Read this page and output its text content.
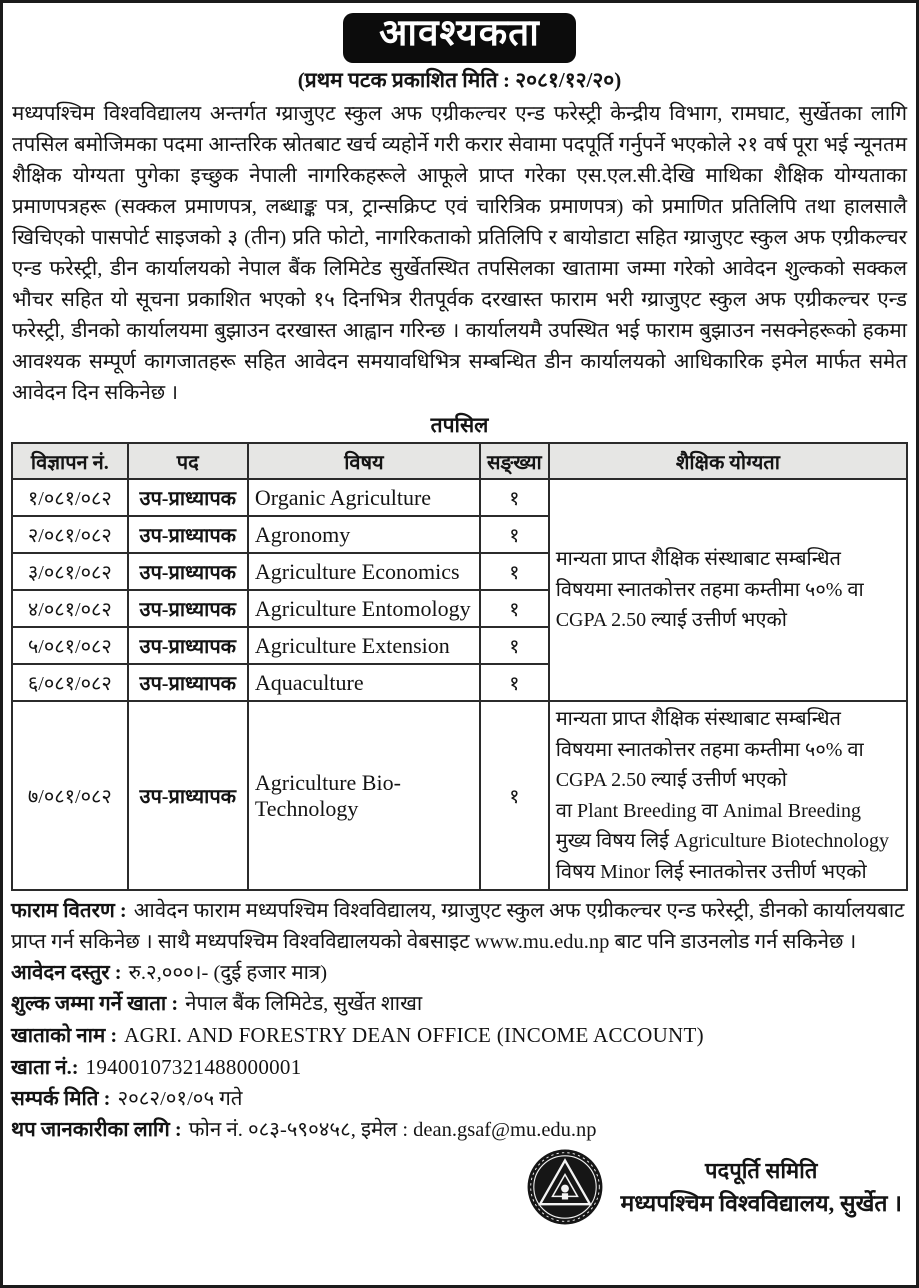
आवश्यकता
(प्रथम पटक प्रकाशित मिति : २०८१/१२/२०)

मध्यपश्चिम विश्वविद्यालय अन्तर्गत ग्य्राजुएट स्कुल अफ एग्रीकल्चर एन्ड फरेस्ट्री केन्द्रीय विभाग, रामघाट, सुर्खेतका लागि तपसिल बमोजिमका पदमा आन्तरिक स्रोतबाट खर्च व्यहोर्ने गरी करार सेवामा पदपूर्ति गर्नुपर्ने भएकोले २१ वर्ष पूरा भई न्यूनतम शैक्षिक योग्यता पुगेका इच्छुक नेपाली नागरिकहरूले आफूले प्राप्त गरेका एस.एल.सी.देखि माथिका शैक्षिक योग्यताका प्रमाणपत्रहरू (सक्कल प्रमाणपत्र, लब्धाङ्क पत्र, ट्रान्सक्रिप्ट एवं चारित्रिक प्रमाणपत्र) को प्रमाणित प्रतिलिपि तथा हालसालै खिचिएको पासपोर्ट साइजको ३ (तीन) प्रति फोटो, नागरिकताको प्रतिलिपि र बायोडाटा सहित ग्य्राजुएट स्कुल अफ एग्रीकल्चर एन्ड फरेस्ट्री, डीन कार्यालयको नेपाल बैंक लिमिटेड सुर्खेतस्थित तपसिलका खातामा जम्मा गरेको आवेदन शुल्कको सक्कल भौचर सहित यो सूचना प्रकाशित भएको १५ दिनभित्र रीतपूर्वक दरखास्त फाराम भरी ग्य्राजुएट स्कुल अफ एग्रीकल्चर एन्ड फरेस्ट्री, डीनको कार्यालयमा बुझाउन दरखास्त आह्वान गरिन्छ । कार्यालयमै उपस्थित भई फाराम बुझाउन नसक्नेहरूको हकमा आवश्यक सम्पूर्ण कागजातहरू सहित आवेदन समयावधिभित्र सम्बन्धित डीन कार्यालयको आधिकारिक इमेल मार्फत समेत आवेदन दिन सकिनेछ ।

तपसिल
विज्ञापन नं.	पद	विषय	सङ्ख्या	शैक्षिक योग्यता
१/०८१/०८२	उप-प्राध्यापक	Organic Agriculture	१	मान्यता प्राप्त शैक्षिक संस्थाबाट सम्बन्धित विषयमा स्नातकोत्तर तहमा कम्तीमा ५०% वा CGPA 2.50 ल्याई उत्तीर्ण भएको
२/०८१/०८२	उप-प्राध्यापक	Agronomy	१	
३/०८१/०८२	उप-प्राध्यापक	Agriculture Economics	१	
४/०८१/०८२	उप-प्राध्यापक	Agriculture Entomology	१	
५/०८१/०८२	उप-प्राध्यापक	Agriculture Extension	१	
६/०८१/०८२	उप-प्राध्यापक	Aquaculture	१	
७/०८१/०८२	उप-प्राध्यापक	Agriculture Bio-Technology	१	मान्यता प्राप्त शैक्षिक संस्थाबाट सम्बन्धित विषयमा स्नातकोत्तर तहमा कम्तीमा ५०% वा CGPA 2.50 ल्याई उत्तीर्ण भएको

वा Plant Breeding वा Animal Breeding मुख्य विषय लिई Agriculture Biotechnology विषय Minor लिई स्नातकोत्तर उत्तीर्ण भएको

फाराम वितरण : आवेदन फाराम मध्यपश्चिम विश्वविद्यालय, ग्य्राजुएट स्कुल अफ एग्रीकल्चर एन्ड फरेस्ट्री, डीनको कार्यालयबाट प्राप्त गर्न सकिनेछ । साथै मध्यपश्चिम विश्वविद्यालयको वेबसाइट www.mu.edu.np बाट पनि डाउनलोड गर्न सकिनेछ ।
आवेदन दस्तुर : रु.२,०००।- (दुई हजार मात्र)
शुल्क जम्मा गर्ने खाता : नेपाल बैंक लिमिटेड, सुर्खेत शाखा
खाताको नाम : AGRI. AND FORESTRY DEAN OFFICE (INCOME ACCOUNT)
खाता नं.: 19400107321488000001
सम्पर्क मिति : २०८२/०१/०५ गते
थप जानकारीका लागि : फोन नं. ०८३-५९०४५८, इमेल : dean.gsaf@mu.edu.np
पदपूर्ति समिति
मध्यपश्चिम विश्वविद्यालय, सुर्खेत ।
